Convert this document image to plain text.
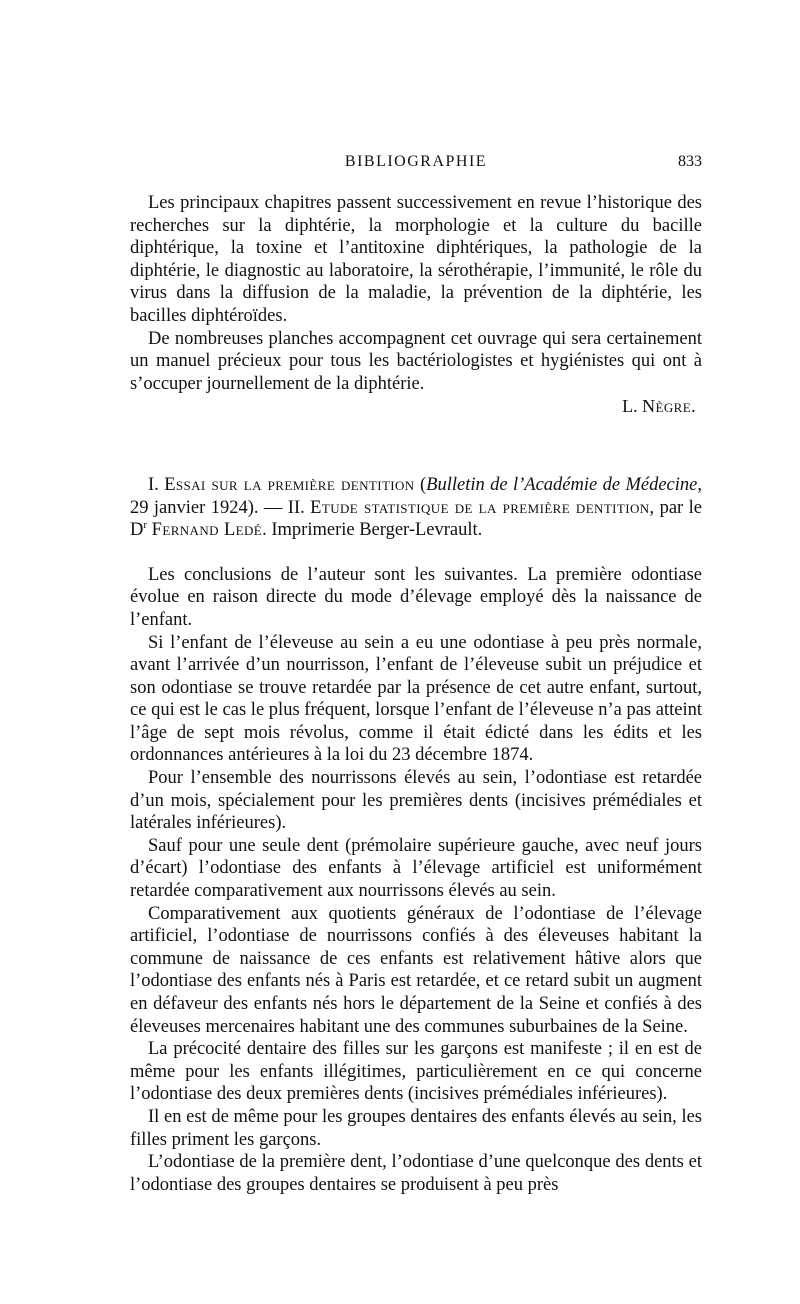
BIBLIOGRAPHIE	833

Les principaux chapitres passent successivement en revue l’historique des recherches sur la diphtérie, la morphologie et la culture du bacille diphtérique, la toxine et l’antitoxine diphtériques, la pathologie de la diphtérie, le diagnostic au laboratoire, la sérothérapie, l’immunité, le rôle du virus dans la diffusion de la maladie, la prévention de la diphtérie, les bacilles diphtéroïdes.

De nombreuses planches accompagnent cet ouvrage qui sera certainement un manuel précieux pour tous les bactériologistes et hygiénistes qui ont à s’occuper journellement de la diphtérie.

L. Nègre.

I. Essai sur la première dentition (Bulletin de l’Académie de Médecine, 29 janvier 1924). — II. Etude statistique de la première dentition, par le $D^r$ Fernand Ledé. Imprimerie Berger-Levrault.

Les conclusions de l’auteur sont les suivantes. La première odontiase évolue en raison directe du mode d’élevage employé dès la naissance de l’enfant.

Si l’enfant de l’éleveuse au sein a eu une odontiase à peu près normale, avant l’arrivée d’un nourrisson, l’enfant de l’éleveuse subit un préjudice et son odontiase se trouve retardée par la présence de cet autre enfant, surtout, ce qui est le cas le plus fréquent, lorsque l’enfant de l’éleveuse n’a pas atteint l’âge de sept mois révolus, comme il était édicté dans les édits et les ordonnances antérieures à la loi du 23 décembre 1874.

Pour l’ensemble des nourrissons élevés au sein, l’odontiase est retardée d’un mois, spécialement pour les premières dents (incisives prémédiales et latérales inférieures).

Sauf pour une seule dent (prémolaire supérieure gauche, avec neuf jours d’écart) l’odontiase des enfants à l’élevage artificiel est uniformément retardée comparativement aux nourrissons élevés au sein.

Comparativement aux quotients généraux de l’odontiase de l’élevage artificiel, l’odontiase de nourrissons confiés à des éleveuses habitant la commune de naissance de ces enfants est relativement hâtive alors que l’odontiase des enfants nés à Paris est retardée, et ce retard subit un augment en défaveur des enfants nés hors le département de la Seine et confiés à des éleveuses mercenaires habitant une des communes suburbaines de la Seine.

La précocité dentaire des filles sur les garçons est manifeste ; il en est de même pour les enfants illégitimes, particulièrement en ce qui concerne l’odontiase des deux premières dents (incisives prémédiales inférieures).

Il en est de même pour les groupes dentaires des enfants élevés au sein, les filles priment les garçons.

L’odontiase de la première dent, l’odontiase d’une quelconque des dents et l’odontiase des groupes dentaires se produisent à peu près
